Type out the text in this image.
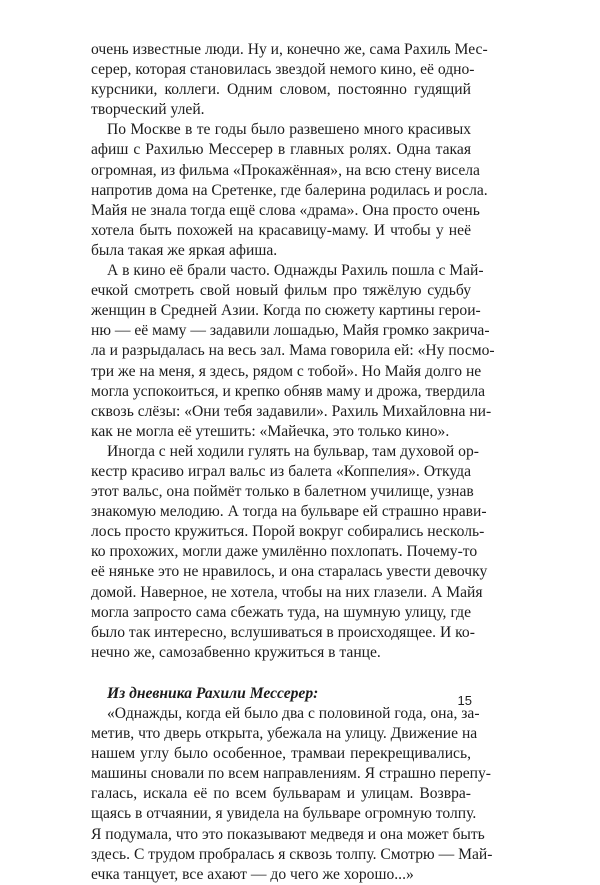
очень известные люди. Ну и, конечно же, сама Рахиль Мес-
серер, которая становилась звездой немого кино, её одно-
курсники, коллеги. Одним словом, постоянно гудящий
творческий улей.
По Москве в те годы было развешено много красивых
афиш с Рахилью Мессерер в главных ролях. Одна такая
огромная, из фильма «Прокажённая», на всю стену висела
напротив дома на Сретенке, где балерина родилась и росла.
Майя не знала тогда ещё слова «драма». Она просто очень
хотела быть похожей на красавицу-маму. И чтобы у неё
была такая же яркая афиша.
А в кино её брали часто. Однажды Рахиль пошла с Май-
ечкой смотреть свой новый фильм про тяжёлую судьбу
женщин в Средней Азии. Когда по сюжету картины герои-
ню — её маму — задавили лошадью, Майя громко закрича-
ла и разрыдалась на весь зал. Мама говорила ей: «Ну посмо-
три же на меня, я здесь, рядом с тобой». Но Майя долго не
могла успокоиться, и крепко обняв маму и дрожа, твердила
сквозь слёзы: «Они тебя задавили». Рахиль Михайловна ни-
как не могла её утешить: «Майечка, это только кино».
Иногда с ней ходили гулять на бульвар, там духовой ор-
кестр красиво играл вальс из балета «Коппелия». Откуда
этот вальс, она поймёт только в балетном училище, узнав
знакомую мелодию. А тогда на бульваре ей страшно нрави-
лось просто кружиться. Порой вокруг собирались несколь-
ко прохожих, могли даже умилённо похлопать. Почему-то
её нянькe это не нравилось, и она старалась увести девочку
домой. Наверное, не хотела, чтобы на них глазели. А Майя
могла запросто сама сбежать туда, на шумную улицу, где
было так интересно, вслушиваться в происходящее. И ко-
нечно же, самозабвенно кружиться в танце.
Из дневника Рахили Мессерер:
«Однажды, когда ей было два с половиной года, она, за-
метив, что дверь открыта, убежала на улицу. Движение на
нашем углу было особенное, трамваи перекрещивались,
машины сновали по всем направлениям. Я страшно перепу-
галась, искала её по всем бульварам и улицам. Возвра-
щаясь в отчаянии, я увидела на бульваре огромную толпу.
Я подумала, что это показывают медведя и она может быть
здесь. С трудом пробралась я сквозь толпу. Смотрю — Май-
ечка танцует, все ахают — до чего же хорошо...»
15
